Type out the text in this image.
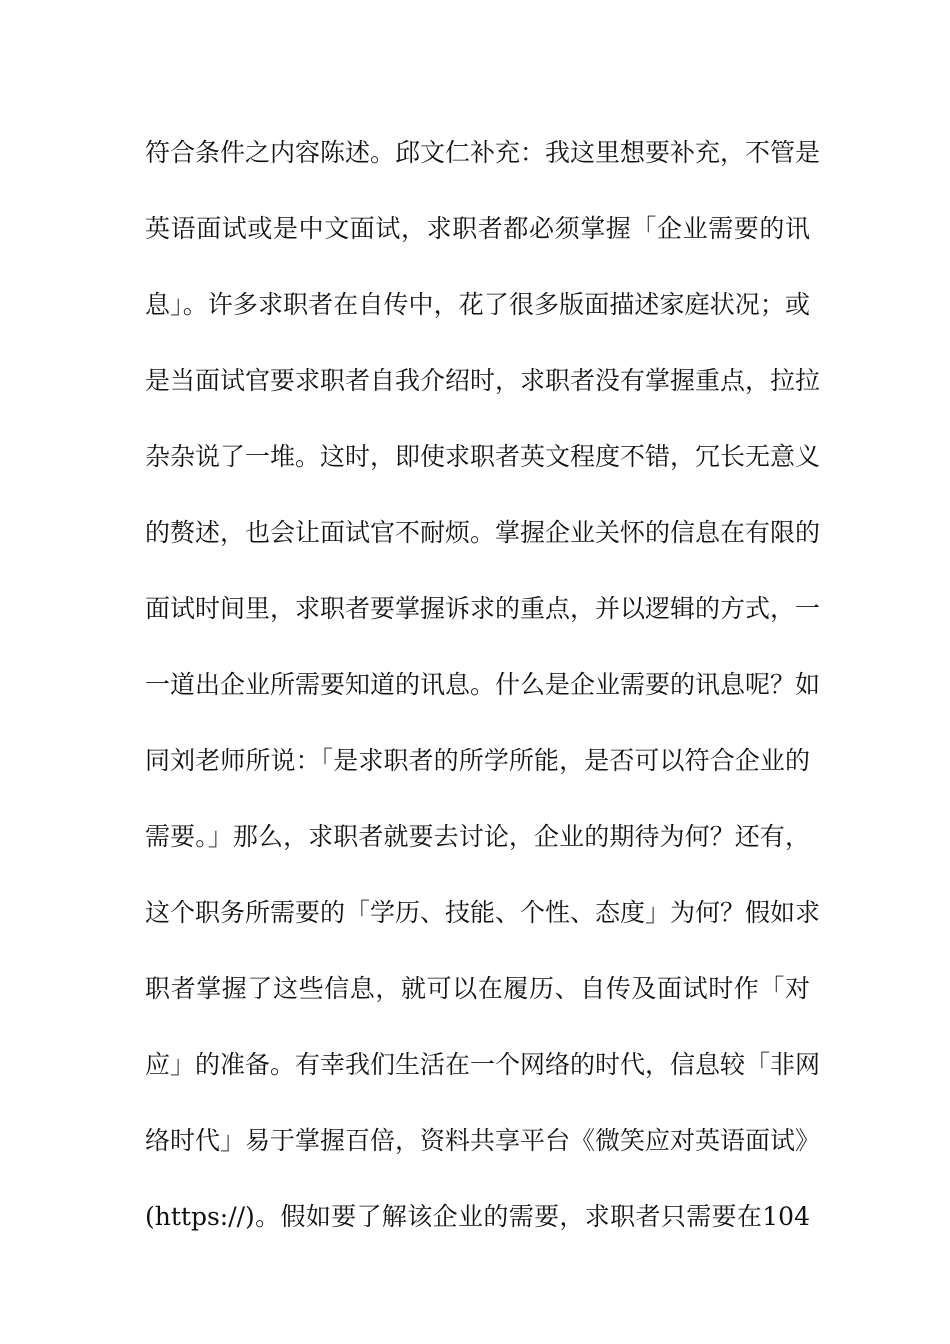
符合条件之内容陈述。邱文仁补充：我这里想要补充，不管是
英语面试或是中文面试，求职者都必须掌握「企业需要的讯
息」。许多求职者在自传中，花了很多版面描述家庭状况；或
是当面试官要求职者自我介绍时，求职者没有掌握重点，拉拉
杂杂说了一堆。这时，即使求职者英文程度不错，冗长无意义
的赘述，也会让面试官不耐烦。掌握企业关怀的信息在有限的
面试时间里，求职者要掌握诉求的重点，并以逻辑的方式，一
一道出企业所需要知道的讯息。什么是企业需要的讯息呢？如
同刘老师所说：「是求职者的所学所能，是否可以符合企业的
需要。」那么，求职者就要去讨论，企业的期待为何？还有，
这个职务所需要的「学历、技能、个性、态度」为何？假如求
职者掌握了这些信息，就可以在履历、自传及面试时作「对
应」的准备。有幸我们生活在一个网络的时代，信息较「非网
络时代」易于掌握百倍，资料共享平台《微笑应对英语面试》
(https://)。假如要了解该企业的需要，求职者只需要在104
